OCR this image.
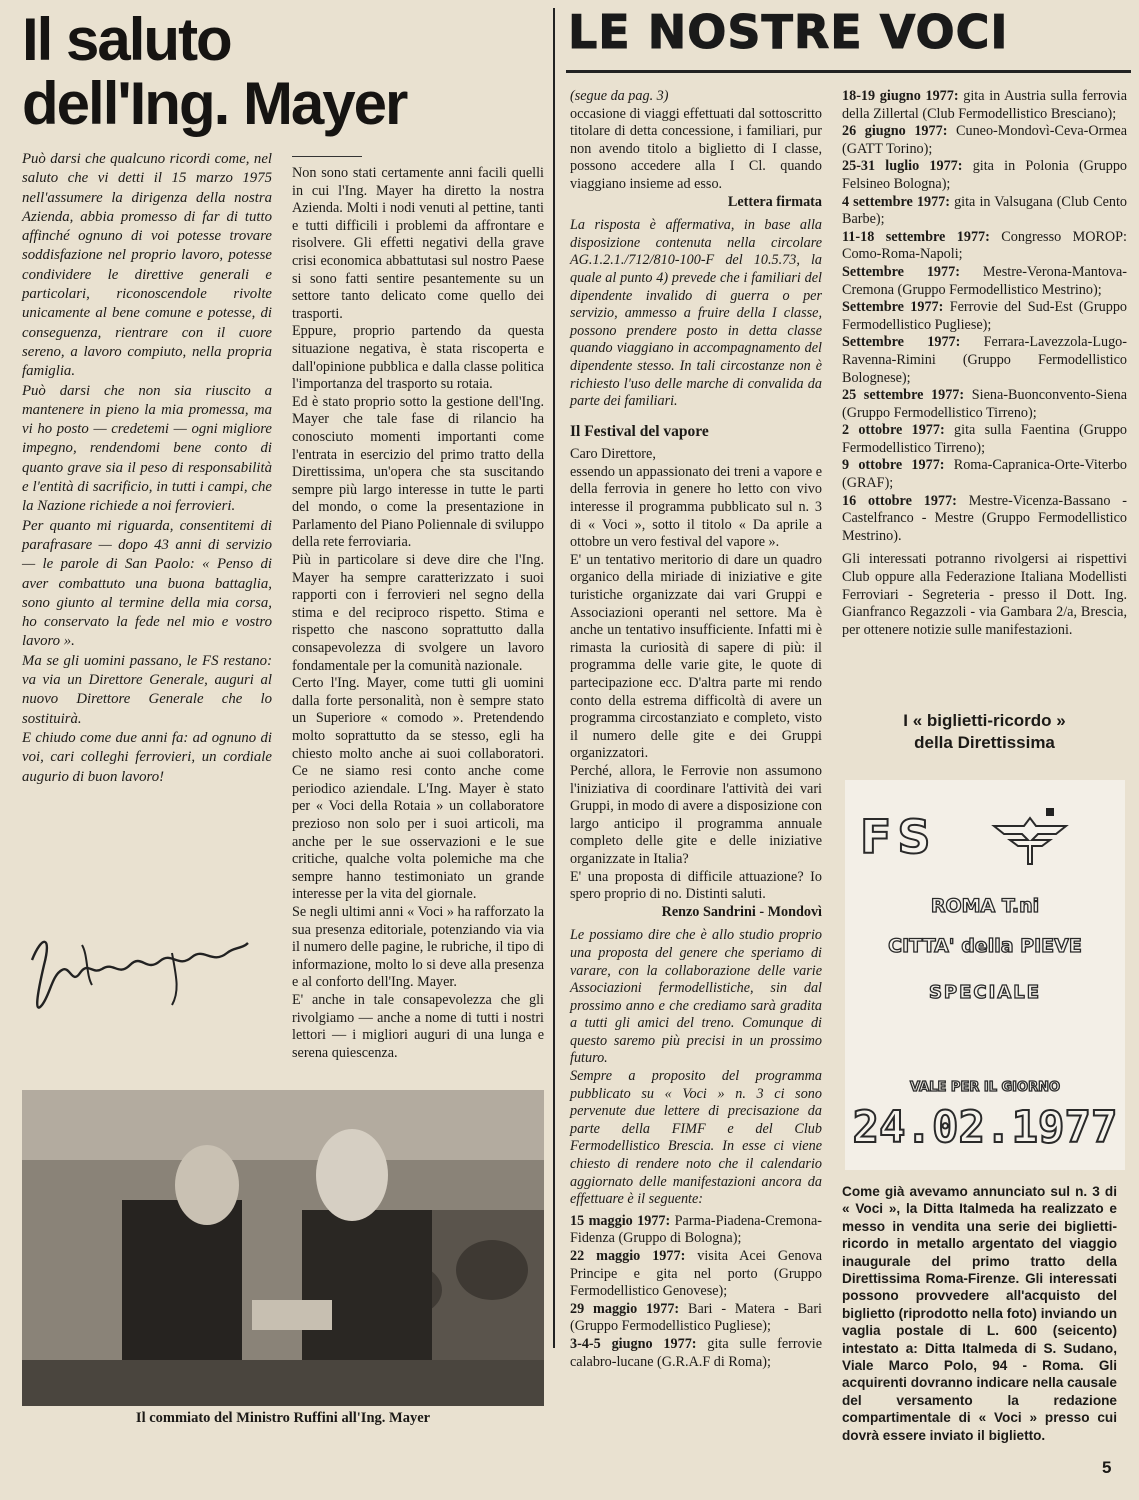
Il saluto
dell'Ing. Mayer

Può darsi che qualcuno ricordi come, nel saluto che vi detti il 15 marzo 1975 nell'assumere la dirigenza della nostra Azienda, abbia promesso di far di tutto affinché ognuno di voi potesse trovare soddisfazione nel proprio lavoro, potesse condividere le direttive generali e particolari, riconoscendole rivolte unicamente al bene comune e potesse, di conseguenza, rientrare con il cuore sereno, a lavoro compiuto, nella propria famiglia.

Può darsi che non sia riuscito a mantenere in pieno la mia promessa, ma vi ho posto — credetemi — ogni migliore impegno, rendendomi bene conto di quanto grave sia il peso di responsabilità e l'entità di sacrificio, in tutti i campi, che la Nazione richiede a noi ferrovieri.

Per quanto mi riguarda, consentitemi di parafrasare — dopo 43 anni di servizio — le parole di San Paolo: « Penso di aver combattuto una buona battaglia, sono giunto al termine della mia corsa, ho conservato la fede nel mio e vostro lavoro ».

Ma se gli uomini passano, le FS restano: va via un Direttore Generale, auguri al nuovo Direttore Generale che lo sostituirà.

E chiudo come due anni fa: ad ognuno di voi, cari colleghi ferrovieri, un cordiale augurio di buon lavoro!

Non sono stati certamente anni facili quelli in cui l'Ing. Mayer ha diretto la nostra Azienda. Molti i nodi venuti al pettine, tanti e tutti difficili i problemi da affrontare e risolvere. Gli effetti negativi della grave crisi economica abbattutasi sul nostro Paese si sono fatti sentire pesantemente su un settore tanto delicato come quello dei trasporti.

Eppure, proprio partendo da questa situazione negativa, è stata riscoperta e dall'opinione pubblica e dalla classe politica l'importanza del trasporto su rotaia.

Ed è stato proprio sotto la gestione dell'Ing. Mayer che tale fase di rilancio ha conosciuto momenti importanti come l'entrata in esercizio del primo tratto della Direttissima, un'opera che sta suscitando sempre più largo interesse in tutte le parti del mondo, o come la presentazione in Parlamento del Piano Poliennale di sviluppo della rete ferroviaria.

Più in particolare si deve dire che l'Ing. Mayer ha sempre caratterizzato i suoi rapporti con i ferrovieri nel segno della stima e del reciproco rispetto. Stima e rispetto che nascono soprattutto dalla consapevolezza di svolgere un lavoro fondamentale per la comunità nazionale.

Certo l'Ing. Mayer, come tutti gli uomini dalla forte personalità, non è sempre stato un Superiore « comodo ». Pretendendo molto soprattutto da se stesso, egli ha chiesto molto anche ai suoi collaboratori. Ce ne siamo resi conto anche come periodico aziendale. L'Ing. Mayer è stato per « Voci della Rotaia » un collaboratore prezioso non solo per i suoi articoli, ma anche per le sue osservazioni e le sue critiche, qualche volta polemiche ma che sempre hanno testimoniato un grande interesse per la vita del giornale.

Se negli ultimi anni « Voci » ha rafforzato la sua presenza editoriale, potenziando via via il numero delle pagine, le rubriche, il tipo di informazione, molto lo si deve alla presenza e al conforto dell'Ing. Mayer.

E' anche in tale consapevolezza che gli rivolgiamo — anche a nome di tutti i nostri lettori — i migliori auguri di una lunga e serena quiescenza.

Il commiato del Ministro Ruffini all'Ing. Mayer
LE NOSTRE VOCI

(segue da pag. 3)

occasione di viaggi effettuati dal sottoscritto titolare di detta concessione, i familiari, pur non avendo titolo a biglietto di I classe, possono accedere alla I Cl. quando viaggiano insieme ad esso.

Lettera firmata

La risposta è affermativa, in base alla disposizione contenuta nella circolare AG.1.2.1./712/810-100-F del 10.5.73, la quale al punto 4) prevede che i familiari del dipendente invalido di guerra o per servizio, ammesso a fruire della I classe, possono prendere posto in detta classe quando viaggiano in accompagnamento del dipendente stesso. In tali circostanze non è richiesto l'uso delle marche di convalida da parte dei familiari.

Il Festival del vapore

Caro Direttore,

essendo un appassionato dei treni a vapore e della ferrovia in genere ho letto con vivo interesse il programma pubblicato sul n. 3 di « Voci », sotto il titolo « Da aprile a ottobre un vero festival del vapore ».

E' un tentativo meritorio di dare un quadro organico della miriade di iniziative e gite turistiche organizzate dai vari Gruppi e Associazioni operanti nel settore. Ma è anche un tentativo insufficiente. Infatti mi è rimasta la curiosità di sapere di più: il programma delle varie gite, le quote di partecipazione ecc. D'altra parte mi rendo conto della estrema difficoltà di avere un programma circostanziato e completo, visto il numero delle gite e dei Gruppi organizzatori.

Perché, allora, le Ferrovie non assumono l'iniziativa di coordinare l'attività dei vari Gruppi, in modo di avere a disposizione con largo anticipo il programma annuale completo delle gite e delle iniziative organizzate in Italia?

E' una proposta di difficile attuazione? Io spero proprio di no. Distinti saluti.

Renzo Sandrini - Mondovì

Le possiamo dire che è allo studio proprio una proposta del genere che speriamo di varare, con la collaborazione delle varie Associazioni fermodellistiche, sin dal prossimo anno e che crediamo sarà gradita a tutti gli amici del treno. Comunque di questo saremo più precisi in un prossimo futuro.

Sempre a proposito del programma pubblicato su « Voci » n. 3 ci sono pervenute due lettere di precisazione da parte della FIMF e del Club Fermodellistico Brescia. In esse ci viene chiesto di rendere noto che il calendario aggiornato delle manifestazioni ancora da effettuare è il seguente:

15 maggio 1977: Parma-Piadena-Cremona-Fidenza (Gruppo di Bologna);

22 maggio 1977: visita Acei Genova Principe e gita nel porto (Gruppo Fermodellistico Genovese);

29 maggio 1977: Bari - Matera - Bari (Gruppo Fermodellistico Pugliese);

3-4-5 giugno 1977: gita sulle ferrovie calabro-lucane (G.R.A.F di Roma);

18-19 giugno 1977: gita in Austria sulla ferrovia della Zillertal (Club Fermodellistico Bresciano);

26 giugno 1977: Cuneo-Mondovì-Ceva-Ormea (GATT Torino);

25-31 luglio 1977: gita in Polonia (Gruppo Felsineo Bologna);

4 settembre 1977: gita in Valsugana (Club Cento Barbe);

11-18 settembre 1977: Congresso MOROP: Como-Roma-Napoli;

Settembre 1977: Mestre-Verona-Mantova-Cremona (Gruppo Fermodellistico Mestrino);

Settembre 1977: Ferrovie del Sud-Est (Gruppo Fermodellistico Pugliese);

Settembre 1977: Ferrara-Lavezzola-Lugo-Ravenna-Rimini (Gruppo Fermodellistico Bolognese);

25 settembre 1977: Siena-Buonconvento-Siena (Gruppo Fermodellistico Tirreno);

2 ottobre 1977: gita sulla Faentina (Gruppo Fermodellistico Tirreno);

9 ottobre 1977: Roma-Capranica-Orte-Viterbo (GRAF);

16 ottobre 1977: Mestre-Vicenza-Bassano - Castelfranco - Mestre (Gruppo Fermodellistico Mestrino).

Gli interessati potranno rivolgersi ai rispettivi Club oppure alla Federazione Italiana Modellisti Ferroviari - Segreteria - presso il Dott. Ing. Gianfranco Regazzoli - via Gambara 2/a, Brescia, per ottenere notizie sulle manifestazioni.

I « biglietti-ricordo »
della Direttissima
FS
ROMA T.ni
CITTA' della PIEVE
SPECIALE
VALE PER IL GIORNO
24.02.1977
Come già avevamo annunciato sul n. 3 di « Voci », la Ditta Italmeda ha realizzato e messo in vendita una serie dei biglietti-ricordo in metallo argentato del viaggio inaugurale del primo tratto della Direttissima Roma-Firenze. Gli interessati possono provvedere all'acquisto del biglietto (riprodotto nella foto) inviando un vaglia postale di L. 600 (seicento) intestato a: Ditta Italmeda di S. Sudano, Viale Marco Polo, 94 - Roma. Gli acquirenti dovranno indicare nella causale del versamento la redazione compartimentale di « Voci » presso cui dovrà essere inviato il biglietto.
5
